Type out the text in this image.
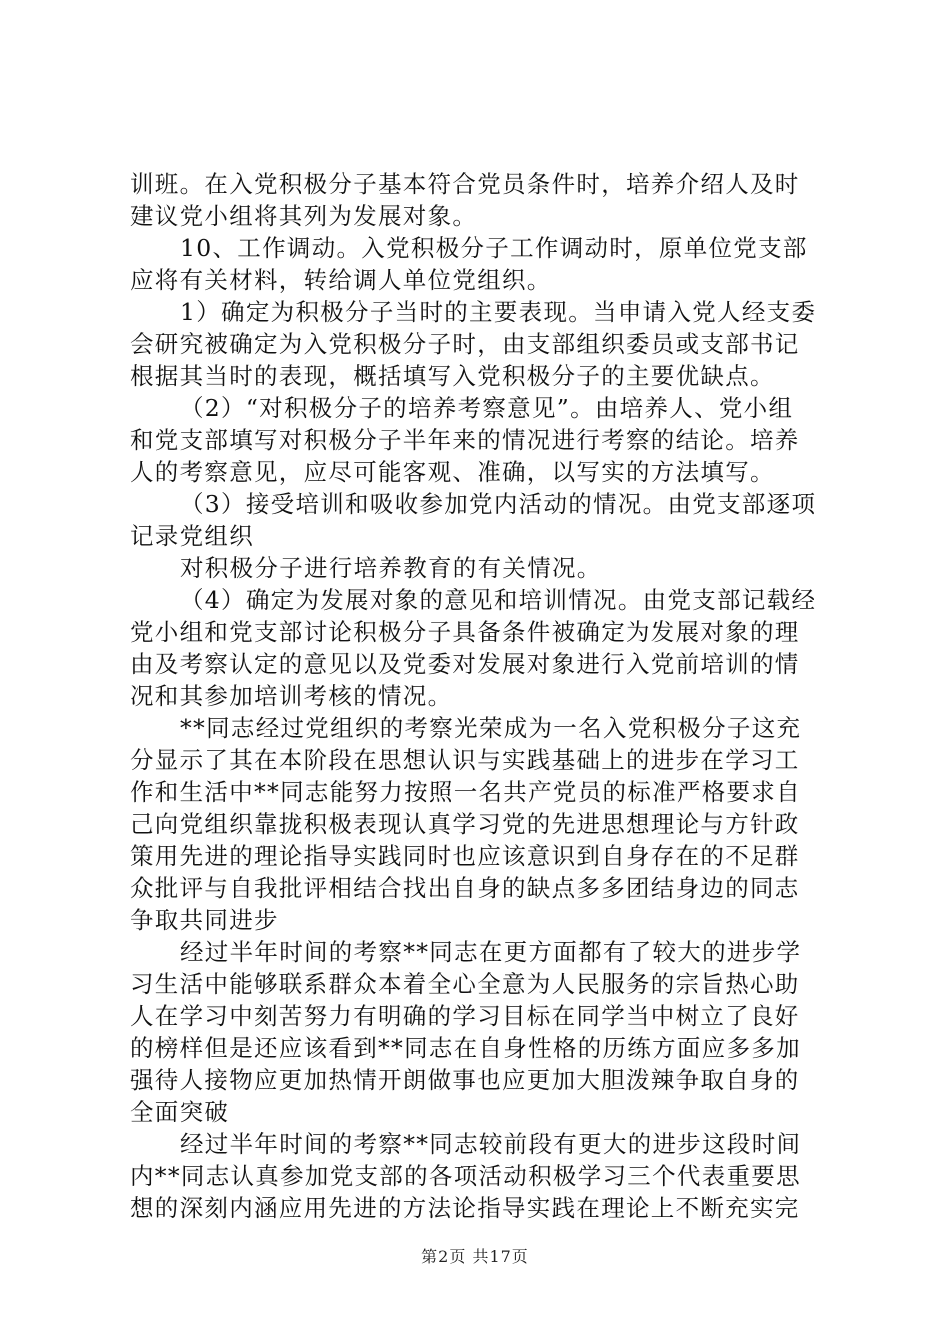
训班。在入党积极分子基本符合党员条件时，培养介绍人及时
建议党小组将其列为发展对象。
10、工作调动。入党积极分子工作调动时，原单位党支部
应将有关材料，转给调人单位党组织。
1）确定为积极分子当时的主要表现。当申请入党人经支委
会研究被确定为入党积极分子时，由支部组织委员或支部书记
根据其当时的表现，概括填写入党积极分子的主要优缺点。
（2）“对积极分子的培养考察意见”。由培养人、党小组
和党支部填写对积极分子半年来的情况进行考察的结论。培养
人的考察意见，应尽可能客观、准确，以写实的方法填写。
（3）接受培训和吸收参加党内活动的情况。由党支部逐项
记录党组织
对积极分子进行培养教育的有关情况。
（4）确定为发展对象的意见和培训情况。由党支部记载经
党小组和党支部讨论积极分子具备条件被确定为发展对象的理
由及考察认定的意见以及党委对发展对象进行入党前培训的情
况和其参加培训考核的情况。
**同志经过党组织的考察光荣成为一名入党积极分子这充
分显示了其在本阶段在思想认识与实践基础上的进步在学习工
作和生活中**同志能努力按照一名共产党员的标准严格要求自
己向党组织靠拢积极表现认真学习党的先进思想理论与方针政
策用先进的理论指导实践同时也应该意识到自身存在的不足群
众批评与自我批评相结合找出自身的缺点多多团结身边的同志
争取共同进步
经过半年时间的考察**同志在更方面都有了较大的进步学
习生活中能够联系群众本着全心全意为人民服务的宗旨热心助
人在学习中刻苦努力有明确的学习目标在同学当中树立了良好
的榜样但是还应该看到**同志在自身性格的历练方面应多多加
强待人接物应更加热情开朗做事也应更加大胆泼辣争取自身的
全面突破
经过半年时间的考察**同志较前段有更大的进步这段时间
内**同志认真参加党支部的各项活动积极学习三个代表重要思
想的深刻内涵应用先进的方法论指导实践在理论上不断充实完
第2页 共17页
